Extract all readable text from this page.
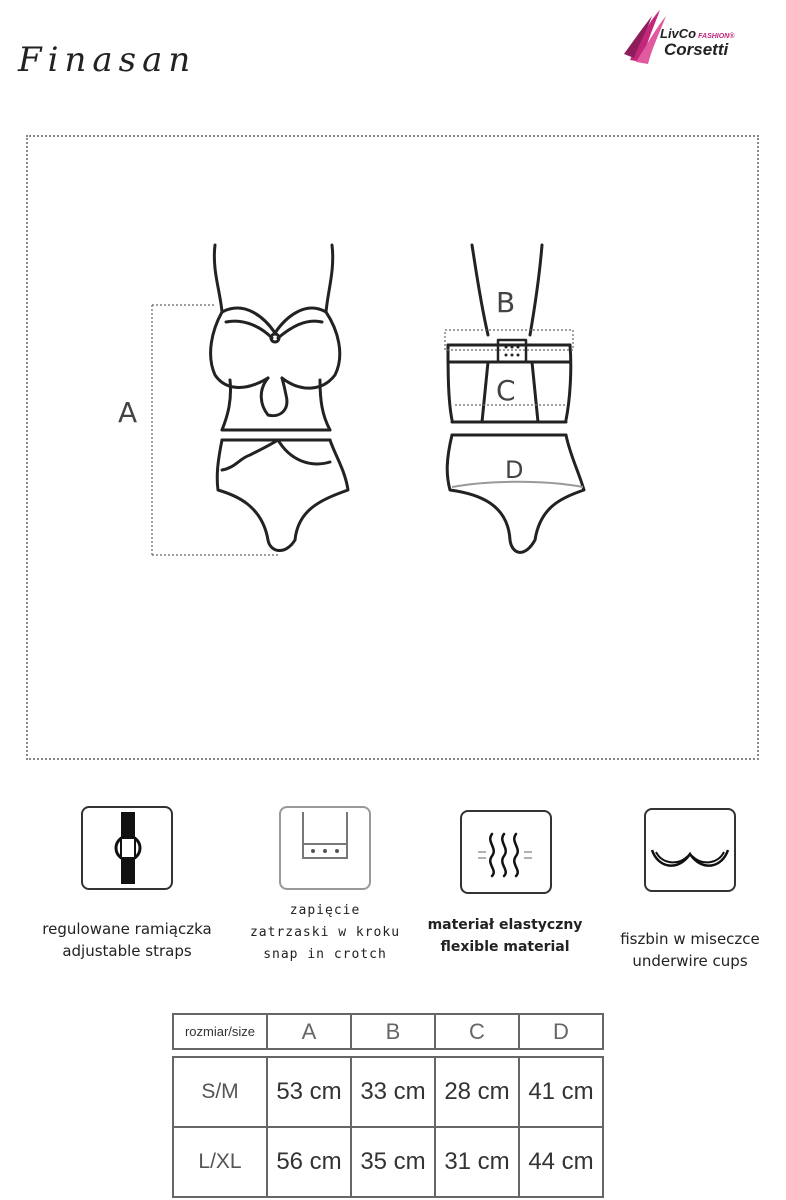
Finasan
LivCo FASHION®
Corsetti
A
B
C
D
regulowane ramiączka
adjustable straps
zapięcie
zatrzaski w kroku
snap in crotch
materiał elastyczny
flexible material	fiszbin w miseczce
underwire cups
rozmiar/size	A	B	C	D

S/M	53 cm	33 cm	28 cm	41 cm
L/XL	56 cm	35 cm	31 cm	44 cm
